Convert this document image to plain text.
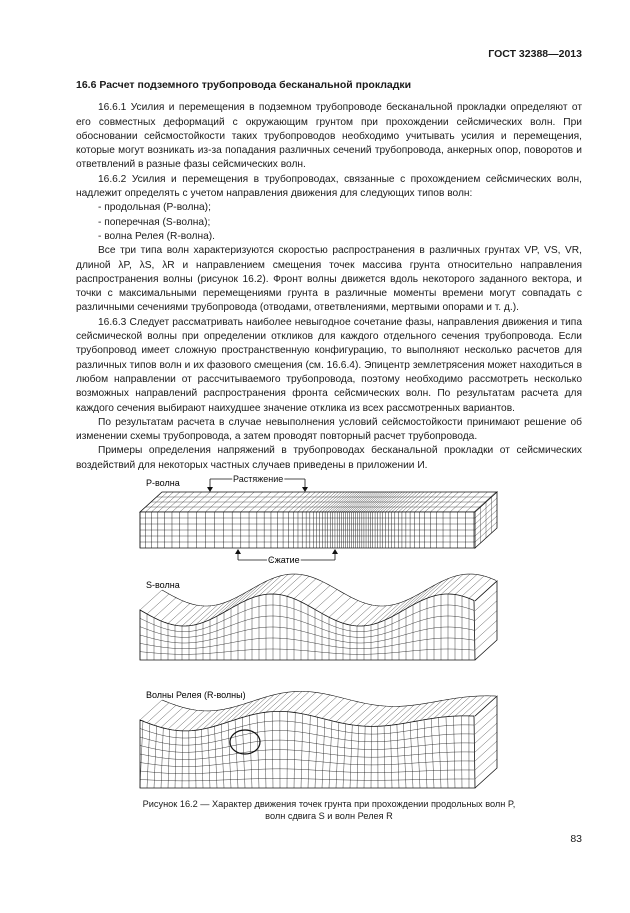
ГОСТ 32388—2013
16.6 Расчет подземного трубопровода бесканальной прокладки

16.6.1 Усилия и перемещения в подземном трубопроводе бесканальной прокладки определяют от его совместных деформаций с окружающим грунтом при прохождении сейсмических волн. При обосновании сейсмостойкости таких трубопроводов необходимо учитывать усилия и перемещения, которые могут возникать из-за попадания различных сечений трубопровода, анкерных опор, поворотов и ответвлений в разные фазы сейсмических волн.

16.6.2 Усилия и перемещения в трубопроводах, связанные с прохождением сейсмических волн, надлежит определять с учетом направления движения для следующих типов волн:

- продольная (P-волна);

- поперечная (S-волна);

- волна Релея (R-волна).

Все три типа волн характеризуются скоростью распространения в различных грунтах VP, VS, VR, длиной λP, λS, λR и направлением смещения точек массива грунта относительно направления распространения волны (рисунок 16.2). Фронт волны движется вдоль некоторого заданного вектора, и точки с максимальными перемещениями грунта в различные моменты времени могут совпадать с различными сечениями трубопровода (отводами, ответвлениями, мертвыми опорами и т. д.).

16.6.3 Следует рассматривать наиболее невыгодное сочетание фазы, направления движения и типа сейсмической волны при определении откликов для каждого отдельного сечения трубопровода. Если трубопровод имеет сложную пространственную конфигурацию, то выполняют несколько расчетов для различных типов волн и их фазового смещения (см. 16.6.4). Эпицентр землетрясения может находиться в любом направлении от рассчитываемого трубопровода, поэтому необходимо рассмотреть несколько возможных направлений распространения фронта сейсмических волн. По результатам расчета для каждого сечения выбирают наихудшее значение отклика из всех рассмотренных вариантов.

По результатам расчета в случае невыполнения условий сейсмостойкости принимают решение об изменении схемы трубопровода, а затем проводят повторный расчет трубопровода.

Примеры определения напряжений в трубопроводах бесканальной прокладки от сейсмических воздействий для некоторых частных случаев приведены в приложении И.

P-волна	Растяжение
Сжатие
S-волна
Волны Релея (R-волны)
Рисунок 16.2 — Характер движения точек грунта при прохождении продольных волн P,
волн сдвига S и волн Релея R
83
